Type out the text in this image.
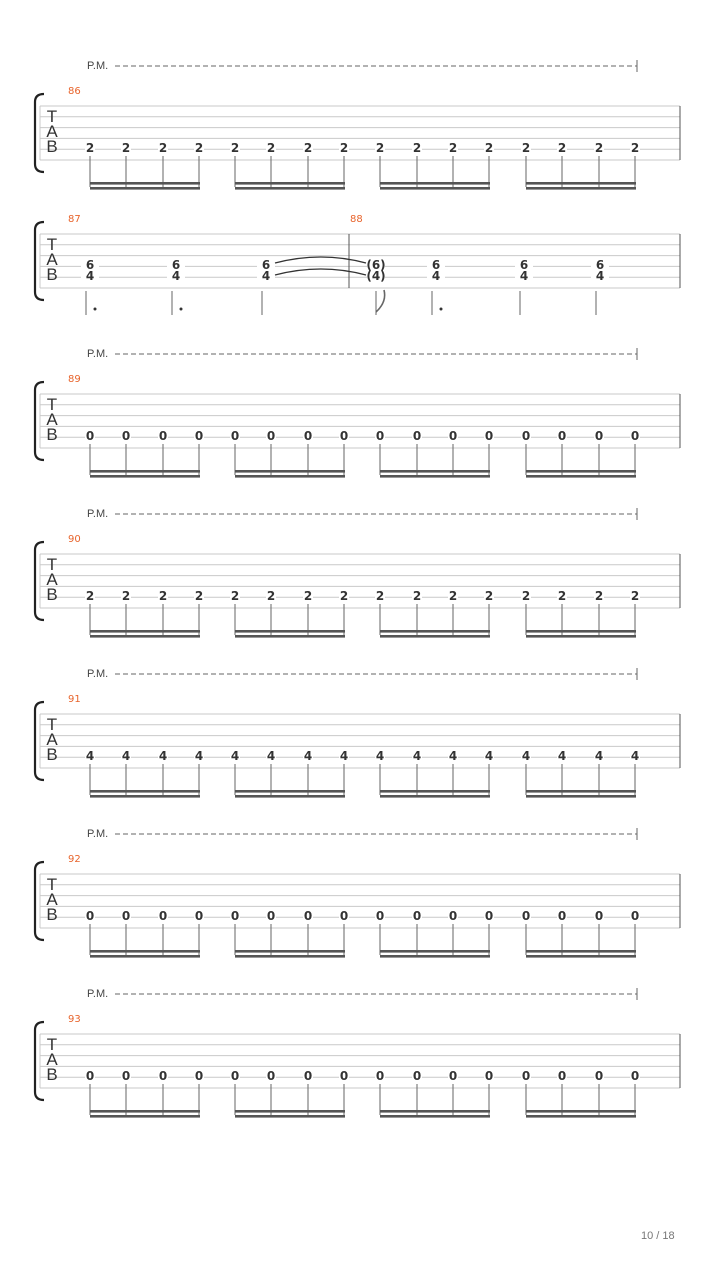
P.M.
86
T
A
B 2 2 2 2 2 2 2 2 2 2 2 2 2 2 2 2
87	88
T
A
B 6
4
6
4
6
4
(6)
(4)
6
4
6
4
6
4
P.M.
89
T
A
B 0 0 0 0 0 0 0 0 0 0 0 0 0 0 0 0
P.M.
90
T
A
B 2 2 2 2 2 2 2 2 2 2 2 2 2 2 2 2
P.M.
91
T
A
B 4 4 4 4 4 4 4 4 4 4 4 4 4 4 4 4
P.M.
92
T
A
B 0 0 0 0 0 0 0 0 0 0 0 0 0 0 0 0
P.M.
93
T
A
B 0 0 0 0 0 0 0 0 0 0 0 0 0 0 0 0
10 / 18
